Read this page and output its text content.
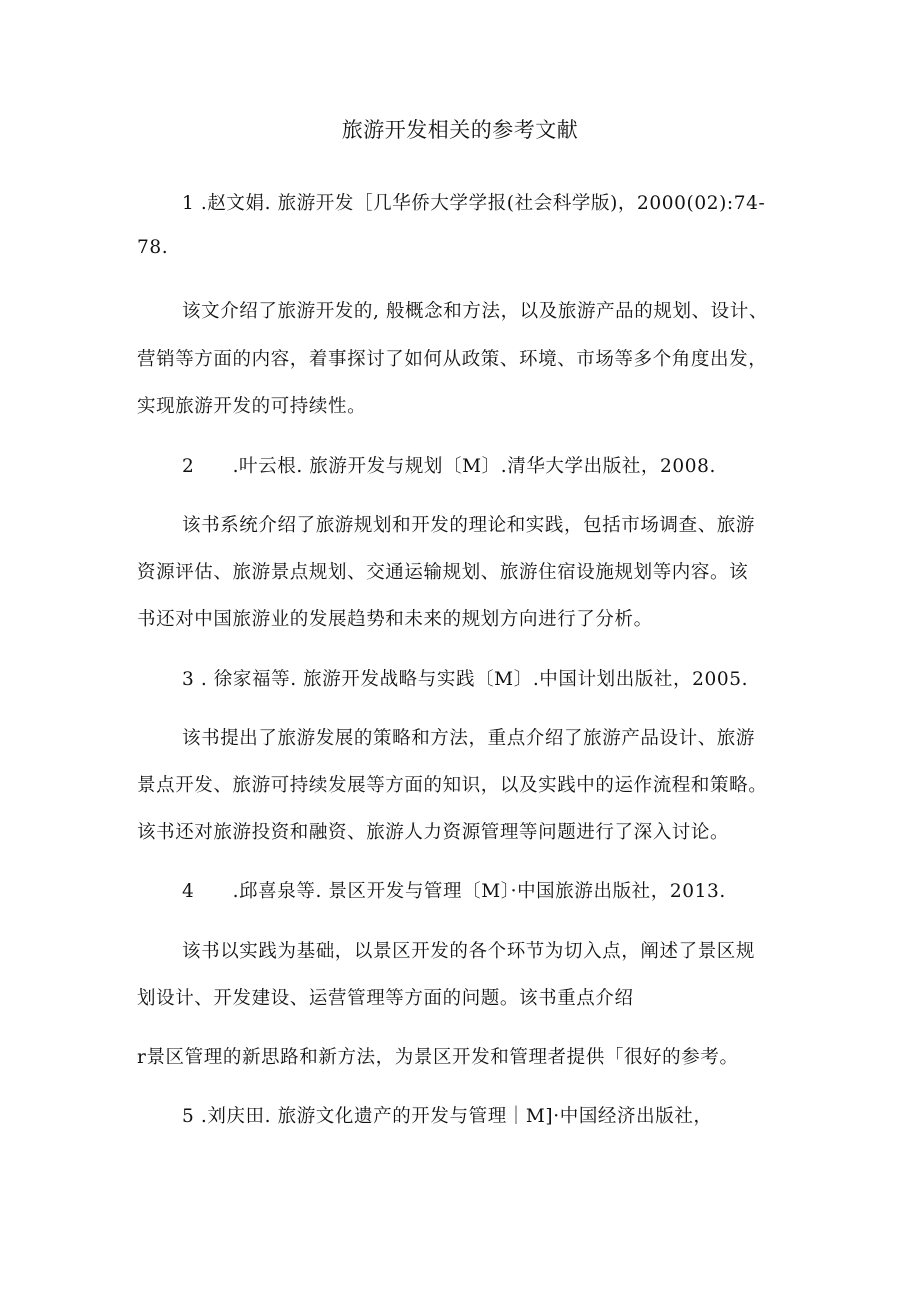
旅游开发相关的参考文献
1 .赵文娟. 旅游开发［几华侨大学学报(社会科学版)，2000(02):74-
78.
该文介绍了旅游开发的, 般概念和方法，以及旅游产品的规划、设计、
营销等方面的内容，着事探讨了如何从政策、环境、市场等多个角度出发，
实现旅游开发的可持续性。
2　　.叶云根. 旅游开发与规划〔M〕.清华大学出版社，2008.
该书系统介绍了旅游规划和开发的理论和实践，包括市场调查、旅游
资源评估、旅游景点规划、交通运输规划、旅游住宿设施规划等内容。该
书还对中国旅游业的发展趋势和未来的规划方向进行了分析。
3 . 徐家福等. 旅游开发战略与实践〔M〕.中国计划出版社，2005.
该书提出了旅游发展的策略和方法，重点介绍了旅游产品设计、旅游
景点开发、旅游可持续发展等方面的知识，以及实践中的运作流程和策略。
该书还对旅游投资和融资、旅游人力资源管理等问题进行了深入讨论。
4　　.邱喜泉等. 景区开发与管理〔M〕·中国旅游出版社，2013.
该书以实践为基础，以景区开发的各个环节为切入点，阐述了景区规
划设计、开发建设、运营管理等方面的问题。该书重点介绍
r景区管理的新思路和新方法，为景区开发和管理者提供「很好的参考。
5 .刘庆田. 旅游文化遗产的开发与管理｜M]·中国经济出版社，
